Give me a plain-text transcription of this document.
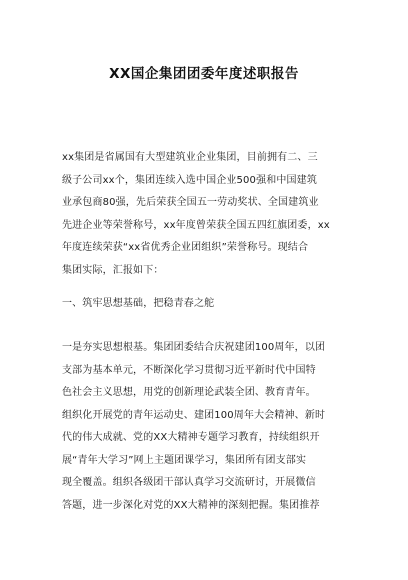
XX国企集团团委年度述职报告
xx集团是省属国有大型建筑业企业集团，目前拥有二、三
级子公司xx个，集团连续入选中国企业500强和中国建筑
业承包商80强，先后荣获全国五一劳动奖状、全国建筑业
先进企业等荣誉称号，xx年度曾荣获全国五四红旗团委，xx
年度连续荣获“xx省优秀企业团组织”荣誉称号。现结合
集团实际，汇报如下：
一、筑牢思想基础，把稳青春之舵
一是夯实思想根基。集团团委结合庆祝建团100周年，以团
支部为基本单元，不断深化学习贯彻习近平新时代中国特
色社会主义思想，用党的创新理论武装全团、教育青年。
组织化开展党的青年运动史、建团100周年大会精神、新时
代的伟大成就、党的XX大精神专题学习教育，持续组织开
展“青年大学习”网上主题团课学习，集团所有团支部实
现全覆盖。组织各级团干部认真学习交流研讨，开展微信
答题，进一步深化对党的XX大精神的深刻把握。集团推荐
